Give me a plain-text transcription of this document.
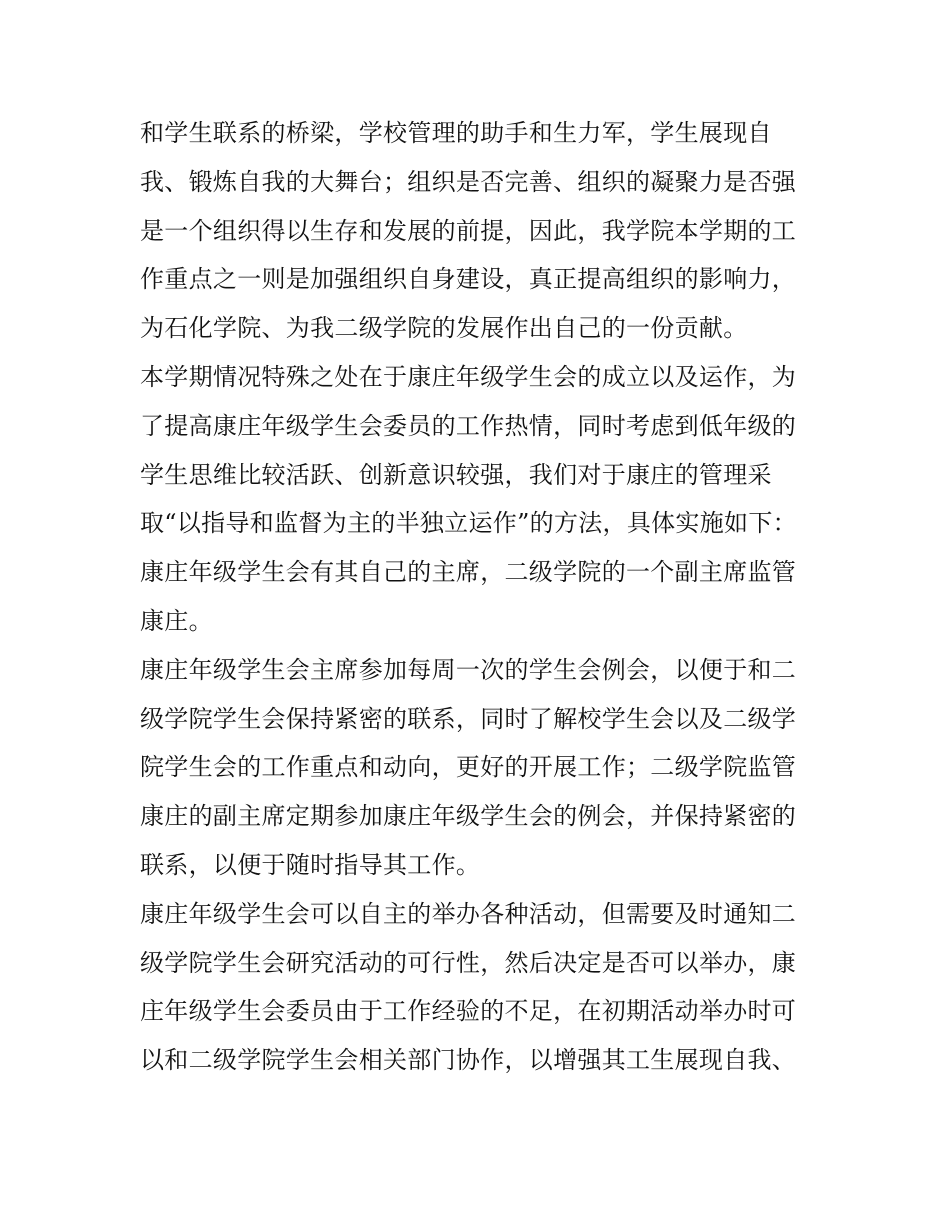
和学生联系的桥梁，学校管理的助手和生力军，学生展现自
我、锻炼自我的大舞台；组织是否完善、组织的凝聚力是否强
是一个组织得以生存和发展的前提，因此，我学院本学期的工
作重点之一则是加强组织自身建设，真正提高组织的影响力，
为石化学院、为我二级学院的发展作出自己的一份贡献。
本学期情况特殊之处在于康庄年级学生会的成立以及运作，为
了提高康庄年级学生会委员的工作热情，同时考虑到低年级的
学生思维比较活跃、创新意识较强，我们对于康庄的管理采
取“以指导和监督为主的半独立运作”的方法，具体实施如下：
康庄年级学生会有其自己的主席，二级学院的一个副主席监管
康庄。
康庄年级学生会主席参加每周一次的学生会例会，以便于和二
级学院学生会保持紧密的联系，同时了解校学生会以及二级学
院学生会的工作重点和动向，更好的开展工作；二级学院监管
康庄的副主席定期参加康庄年级学生会的例会，并保持紧密的
联系，以便于随时指导其工作。
康庄年级学生会可以自主的举办各种活动，但需要及时通知二
级学院学生会研究活动的可行性，然后决定是否可以举办，康
庄年级学生会委员由于工作经验的不足，在初期活动举办时可
以和二级学院学生会相关部门协作，以增强其工生展现自我、
